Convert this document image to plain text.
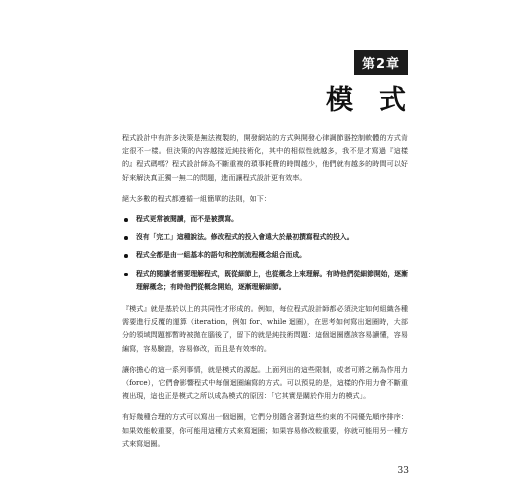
第2章
模式

程式設計中有許多決策是無法複製的，開發網站的方式與開發心律調節器控制軟體的方式肯定很不一樣。但決策的內容越接近純技術化，其中的相似性就越多，我不是才寫過『這樣的』程式碼嗎？程式設計師為不斷重複的瑣事耗費的時間越少，他們就有越多的時間可以好好來解決真正獨一無二的問題，進而讓程式設計更有效率。

絕大多數的程式都遵循一組簡單的法則，如下：

程式更常被閱讀，而不是被撰寫。
沒有「完工」這種說法。修改程式的投入會遠大於最初撰寫程式的投入。
程式全都是由一組基本的語句和控制流程概念組合而成。
程式的閱讀者需要理解程式，既從細節上，也從概念上來理解。有時他們從細節開始，逐漸理解概念；有時他們從概念開始，逐漸理解細節。

『模式』就是基於以上的共同性才形成的。例如，每位程式設計師都必須決定如何組織各種需要進行反覆的運算（iteration，例如 for、while 迴圈），在思考如何寫出迴圈時，大部分的領域問題都暫時被拋在腦後了，留下的就是純技術問題：這個迴圈應該容易讀懂，容易編寫，容易驗證，容易修改，而且是有效率的。

讓你擔心的這一系列事情，就是模式的源起。上面列出的這些限制，或者可將之稱為作用力（force），它們會影響程式中每個迴圈編寫的方式。可以預見的是，這樣的作用力會不斷重複出現，這也正是模式之所以成為模式的原因：「它其實是關於作用力的模式」。

有好幾種合理的方式可以寫出一個迴圈，它們分別隱含著對這些約束的不同優先順序排序：如果效能較重要，你可能用這種方式來寫迴圈；如果容易修改較重要，你就可能用另一種方式來寫迴圈。

33
